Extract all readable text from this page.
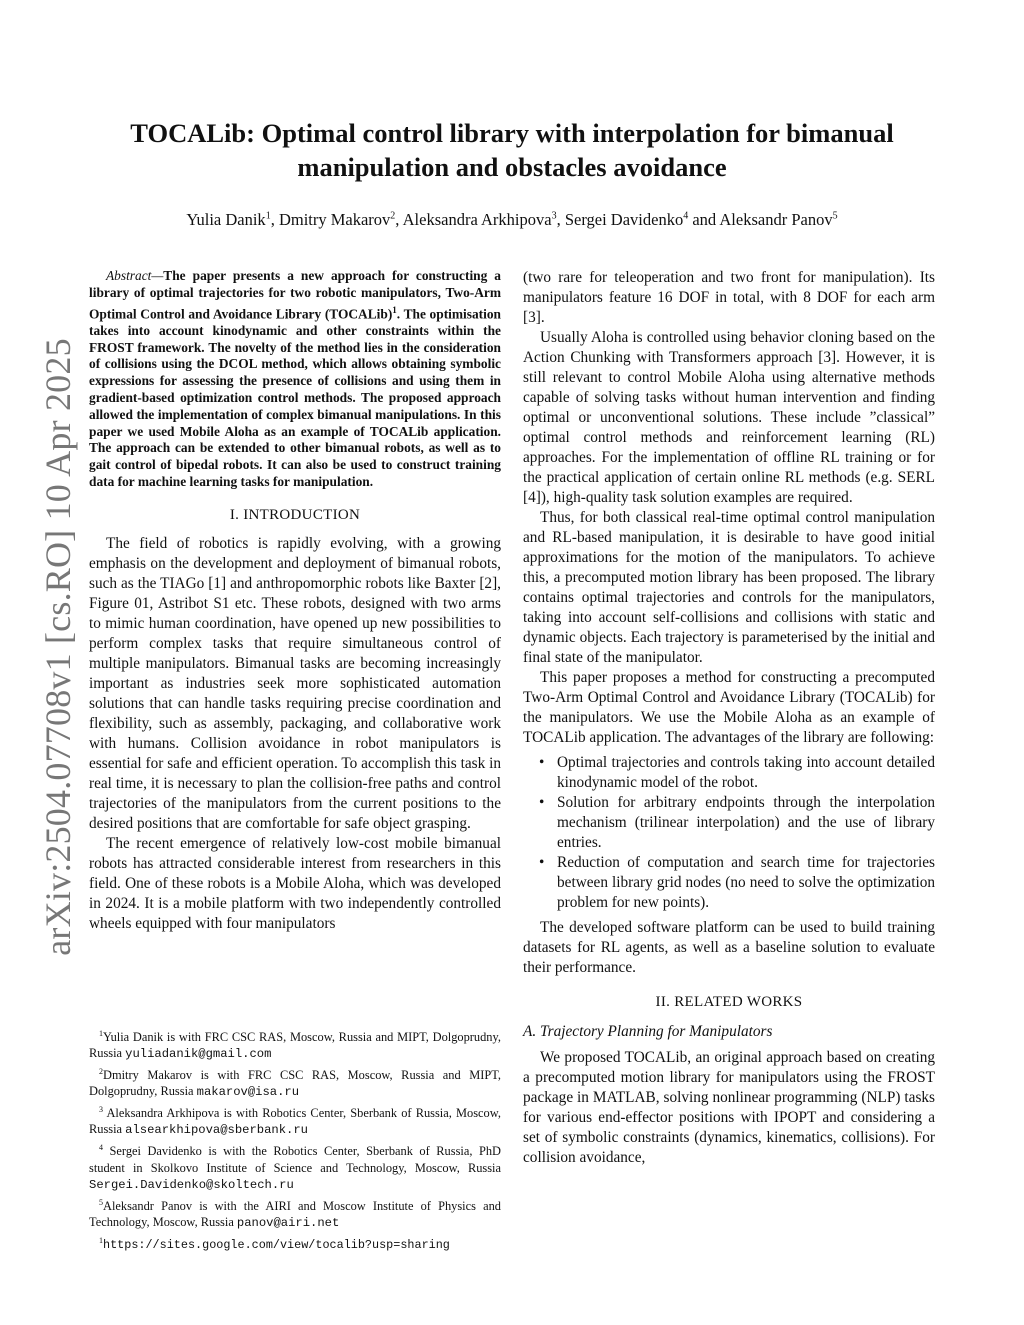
arXiv:2504.07708v1 [cs.RO] 10 Apr 2025
TOCALib: Optimal control library with interpolation for bimanual manipulation and obstacles avoidance
Yulia Danik$^1$, Dmitry Makarov$^2$, Aleksandra Arkhipova$^3$, Sergei Davidenko$^4$ and Aleksandr Panov$^5$

Abstract—The paper presents a new approach for constructing a library of optimal trajectories for two robotic manipulators, Two-Arm Optimal Control and Avoidance Library (TOCALib)$^1$. The optimisation takes into account kinodynamic and other constraints within the FROST framework. The novelty of the method lies in the consideration of collisions using the DCOL method, which allows obtaining symbolic expressions for assessing the presence of collisions and using them in gradient-based optimization control methods. The proposed approach allowed the implementation of complex bimanual manipulations. In this paper we used Mobile Aloha as an example of TOCALib application. The approach can be extended to other bimanual robots, as well as to gait control of bipedal robots. It can also be used to construct training data for machine learning tasks for manipulation.

I. INTRODUCTION

The field of robotics is rapidly evolving, with a growing emphasis on the development and deployment of bimanual robots, such as the TIAGo [1] and anthropomorphic robots like Baxter [2], Figure 01, Astribot S1 etc. These robots, designed with two arms to mimic human coordination, have opened up new possibilities to perform complex tasks that require simultaneous control of multiple manipulators. Bimanual tasks are becoming increasingly important as industries seek more sophisticated automation solutions that can handle tasks requiring precise coordination and flexibility, such as assembly, packaging, and collaborative work with humans. Collision avoidance in robot manipulators is essential for safe and efficient operation. To accomplish this task in real time, it is necessary to plan the collision-free paths and control trajectories of the manipulators from the current positions to the desired positions that are comfortable for safe object grasping.

The recent emergence of relatively low-cost mobile bimanual robots has attracted considerable interest from researchers in this field. One of these robots is a Mobile Aloha, which was developed in 2024. It is a mobile platform with two independently controlled wheels equipped with four manipulators

$^1$Yulia Danik is with FRC CSC RAS, Moscow, Russia and MIPT, Dolgoprudny, Russia yuliadanik@gmail.com

$^2$Dmitry Makarov is with FRC CSC RAS, Moscow, Russia and MIPT, Dolgoprudny, Russia makarov@isa.ru

$^3$ Aleksandra Arkhipova is with Robotics Center, Sberbank of Russia, Moscow, Russia alsearkhipova@sberbank.ru

$^4$ Sergei Davidenko is with the Robotics Center, Sberbank of Russia, PhD student in Skolkovo Institute of Science and Technology, Moscow, Russia Sergei.Davidenko@skoltech.ru

$^5$Aleksandr Panov is with the AIRI and Moscow Institute of Physics and Technology, Moscow, Russia panov@airi.net

$^1$https://sites.google.com/view/tocalib?usp=sharing

(two rare for teleoperation and two front for manipulation). Its manipulators feature 16 DOF in total, with 8 DOF for each arm [3].

Usually Aloha is controlled using behavior cloning based on the Action Chunking with Transformers approach [3]. However, it is still relevant to control Mobile Aloha using alternative methods capable of solving tasks without human intervention and finding optimal or unconventional solutions. These include ”classical” optimal control methods and reinforcement learning (RL) approaches. For the implementation of offline RL training or for the practical application of certain online RL methods (e.g. SERL [4]), high-quality task solution examples are required.

Thus, for both classical real-time optimal control manipulation and RL-based manipulation, it is desirable to have good initial approximations for the motion of the manipulators. To achieve this, a precomputed motion library has been proposed. The library contains optimal trajectories and controls for the manipulators, taking into account self-collisions and collisions with static and dynamic objects. Each trajectory is parameterised by the initial and final state of the manipulator.

This paper proposes a method for constructing a precomputed Two-Arm Optimal Control and Avoidance Library (TOCALib) for the manipulators. We use the Mobile Aloha as an example of TOCALib application. The advantages of the library are following:

• Optimal trajectories and controls taking into account detailed kinodynamic model of the robot.
• Solution for arbitrary endpoints through the interpolation mechanism (trilinear interpolation) and the use of library entries.
• Reduction of computation and search time for trajectories between library grid nodes (no need to solve the optimization problem for new points).

The developed software platform can be used to build training datasets for RL agents, as well as a baseline solution to evaluate their performance.

II. RELATED WORKS
A. Trajectory Planning for Manipulators

We proposed TOCALib, an original approach based on creating a precomputed motion library for manipulators using the FROST package in MATLAB, solving nonlinear programming (NLP) tasks for various end-effector positions with IPOPT and considering a set of symbolic constraints (dynamics, kinematics, collisions). For collision avoidance,
